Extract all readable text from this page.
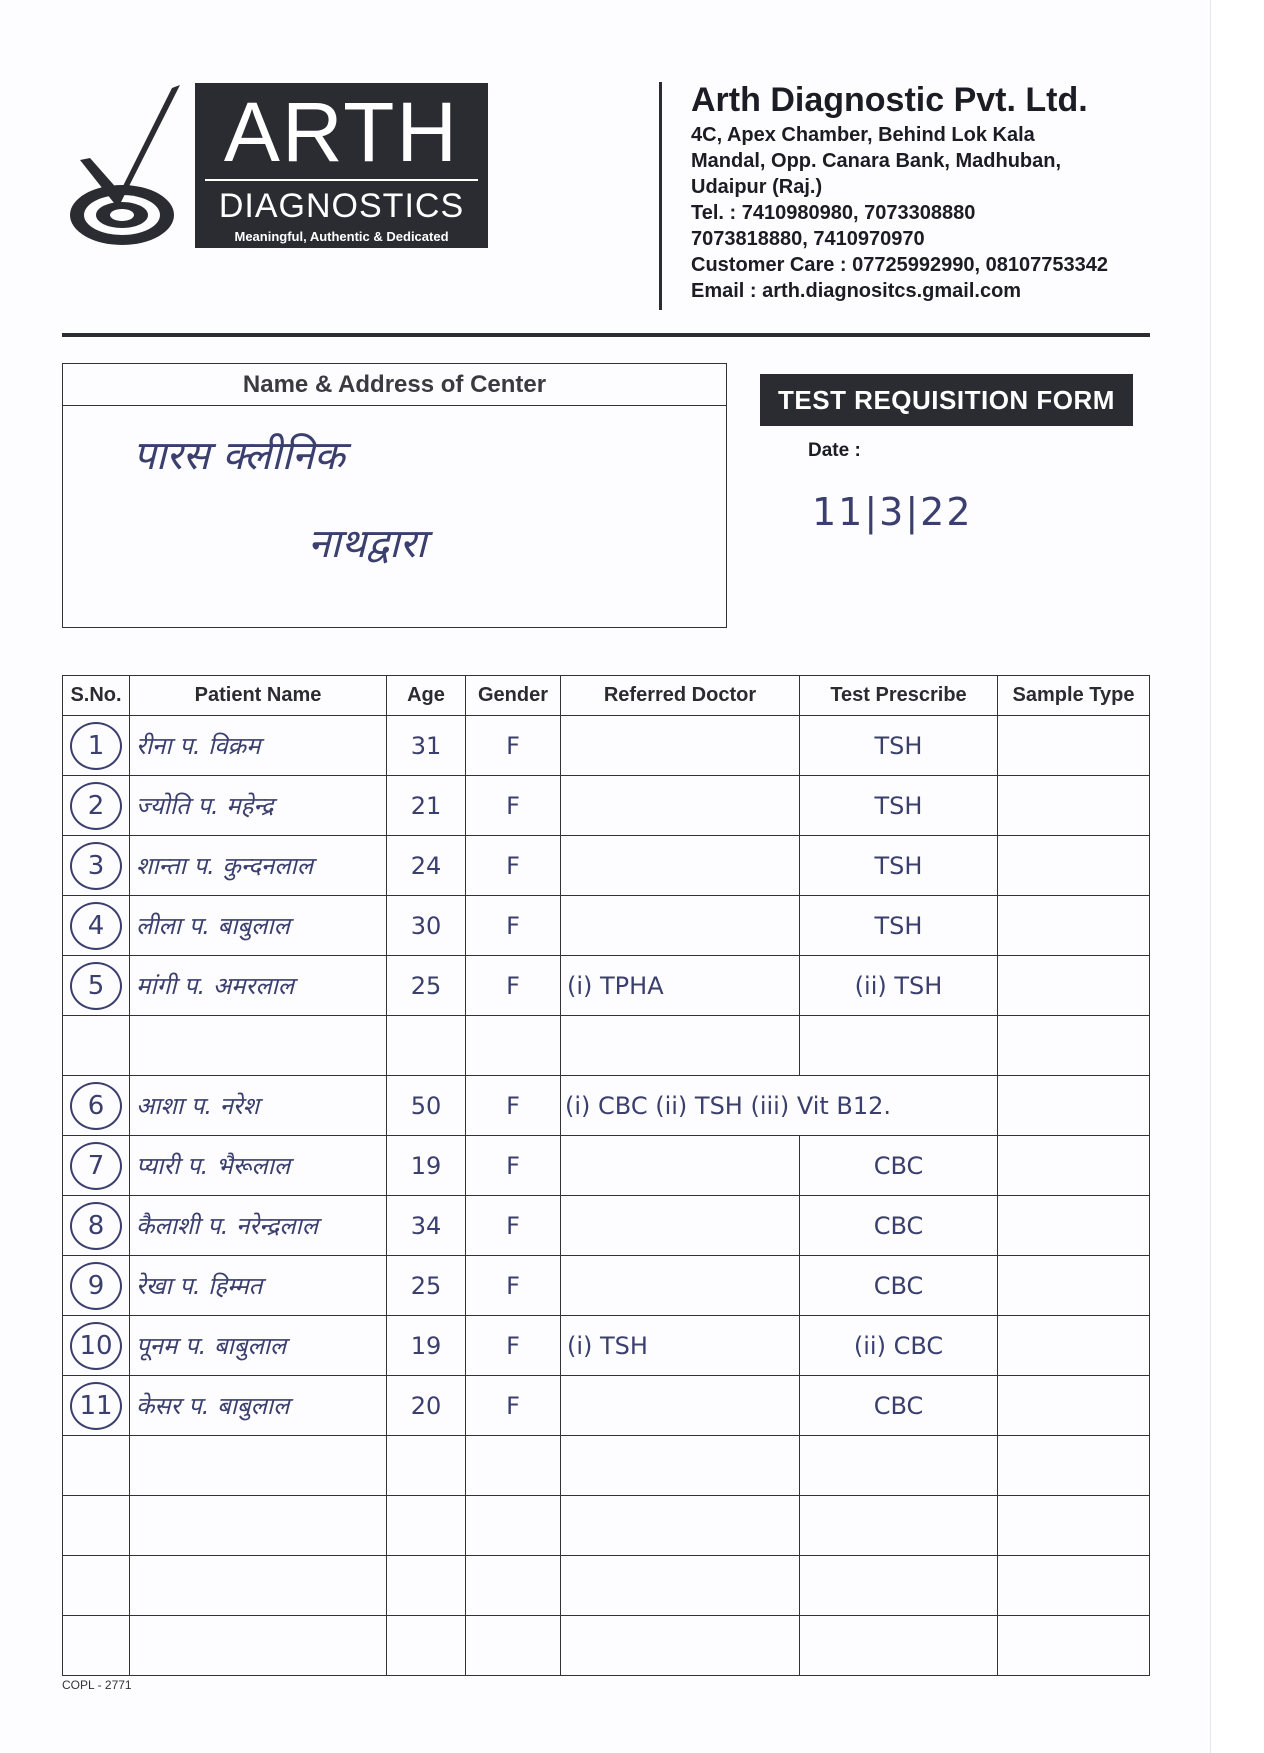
ARTH
DIAGNOSTICS
Meaningful, Authentic & Dedicated
Arth Diagnostic Pvt. Ltd.
4C, Apex Chamber, Behind Lok Kala
Mandal, Opp. Canara Bank, Madhuban,
Udaipur (Raj.)
Tel. : 7410980980, 7073308880
7073818880, 7410970970
Customer Care : 07725992990, 08107753342
Email : arth.diagnositcs.gmail.com
Name & Address of Center
पारस क्लीनिक
नाथद्वारा
TEST REQUISITION FORM
Date :
11|3|22
S.No.	Patient Name	Age	Gender	Referred Doctor	Test Prescribe	Sample Type
1	रीना प. विक्रम	31	F		TSH	
2	ज्योति प. महेन्द्र	21	F		TSH	
3	शान्ता प. कुन्दनलाल	24	F		TSH	
4	लीला प. बाबुलाल	30	F		TSH	
5	मांगी प. अमरलाल	25	F	(i) TPHA	(ii) TSH	

6	आशा प. नरेश	50	F	(i) CBC (ii) TSH (iii) Vit B12.		
7	प्यारी प. भैरूलाल	19	F		CBC	
8	कैलाशी प. नरेन्द्रलाल	34	F		CBC	
9	रेखा प. हिम्मत	25	F		CBC	
10	पूनम प. बाबुलाल	19	F	(i) TSH	(ii) CBC	
11	केसर प. बाबुलाल	20	F		CBC	

COPL - 2771
